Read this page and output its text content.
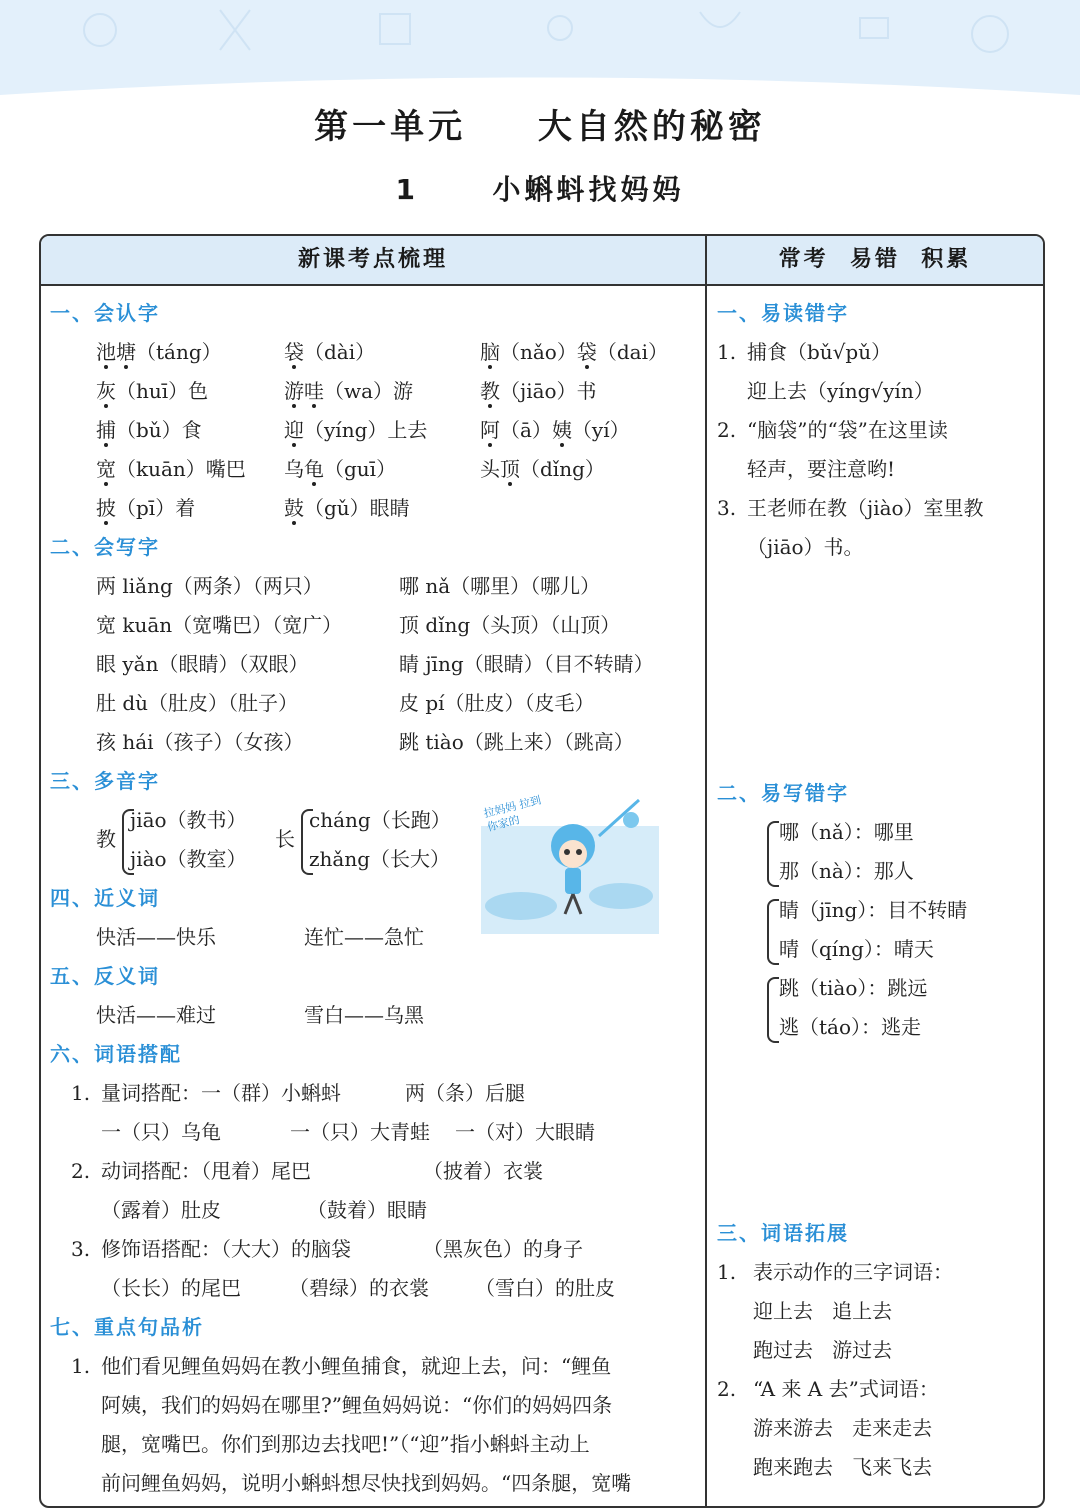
第一单元 大自然的秘密
1	小蝌蚪找妈妈
新课考点梳理	常考  易错  积累
一、会认字
池塘（táng）	袋（dài）	脑（nǎo）袋（dai）
灰（huī）色	游哇（wa）游	教（jiāo）书
捕（bǔ）食	迎（yíng）上去	阿（ā）姨（yí）
宽（kuān）嘴巴 乌龟（guī）	头顶（dǐng）
披（pī）着	鼓（gǔ）眼睛
二、会写字
两 liǎng（两条）（两只）	哪 nǎ（哪里）（哪儿）
宽 kuān（宽嘴巴）（宽广）	顶 dǐng（头顶）（山顶）
眼 yǎn（眼睛）（双眼）	睛 jīng（眼睛）（目不转睛）
肚 dù（肚皮）（肚子）	皮 pí（肚皮）（皮毛）
孩 hái（孩子）（女孩）	跳 tiào（跳上来）（跳高）
三、多音字
教
jiāo（教书）
jiào（教室）
长
cháng（长跑）
zhǎng（长大）
拉妈妈 拉到你家的
四、近义词
快活——快乐	连忙——急忙
五、反义词
快活——难过	雪白——乌黑
六、词语搭配
1. 量词搭配：一（群）小蝌蚪	两（条）后腿
一（只）乌龟	一（只）大青蛙 一（对）大眼睛
2. 动词搭配：（甩着）尾巴	（披着）衣裳
（露着）肚皮	（鼓着）眼睛
3. 修饰语搭配：（大大）的脑袋	（黑灰色）的身子
（长长）的尾巴 （碧绿）的衣裳 （雪白）的肚皮
七、重点句品析
1. 他们看见鲤鱼妈妈在教小鲤鱼捕食，就迎上去，问：“鲤鱼
阿姨，我们的妈妈在哪里?”鲤鱼妈妈说：“你们的妈妈四条
腿，宽嘴巴。你们到那边去找吧!”（“迎”指小蝌蚪主动上
前问鲤鱼妈妈，说明小蝌蚪想尽快找到妈妈。“四条腿，宽嘴
一、易读错字
1. 捕食（bǔ√pǔ）
迎上去（yíng√yín）
2. “脑袋”的“袋”在这里读
轻声，要注意哟!
3. 王老师在教（jiào）室里教
（jiāo）书。
二、易写错字
哪（nǎ）：哪里
那（nà）：那人
睛（jīng）：目不转睛
晴（qíng）：晴天
跳（tiào）：跳远
逃（táo）：逃走
三、词语拓展
1. 表示动作的三字词语：
迎上去   追上去
跑过去   游过去
2. “A 来 A 去”式词语：
游来游去   走来走去
跑来跑去   飞来飞去
